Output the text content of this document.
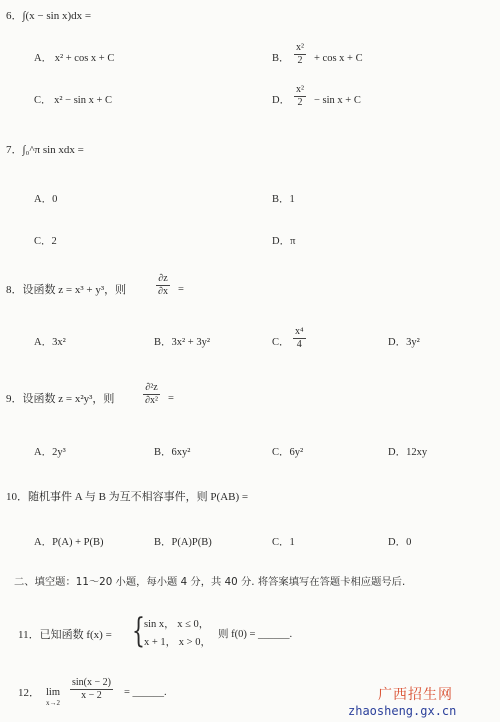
6．∫(x − sin x)dx =
A． x² + cos x + C	B． $\frac{\text{x²}}{2} + \cos x + C$
C． x² − sin x + C	D． $\frac{\text{x²}}{2} - \sin x + C$
7．∫₀^π sin xdx =
A．0	B．1
C．2	D．π
8．设函数 z = x³ + y³，则	$\frac{\partial z}{\partial x}$ =
A．3x²	B．3x² + 3y²	C． $\frac{\text{x⁴}}{4}$	D．3y²
9．设函数 z = x²y³，则	$\frac{\text{∂²z}}{\text{∂x²}}$ =
A．2y³	B．6xy²	C．6y²	D．12xy
10．随机事件 A 与 B 为互不相容事件，则 P(AB) =
A．P(A) + P(B)	B．P(A)P(B)	C．1	D．0
二、填空题：11～20 小题，每小题 4 分，共 40 分. 将答案填写在答题卡相应题号后.
11．已知函数 f(x) = { sin x， x ≤ 0，
x + 1， x > 0，
则 f(0) = ______.
12． lim
x→2
$\frac{\sin(x - 2)}{x - 2}$ = ______.	广西招生网
zhaosheng.gx.cn
